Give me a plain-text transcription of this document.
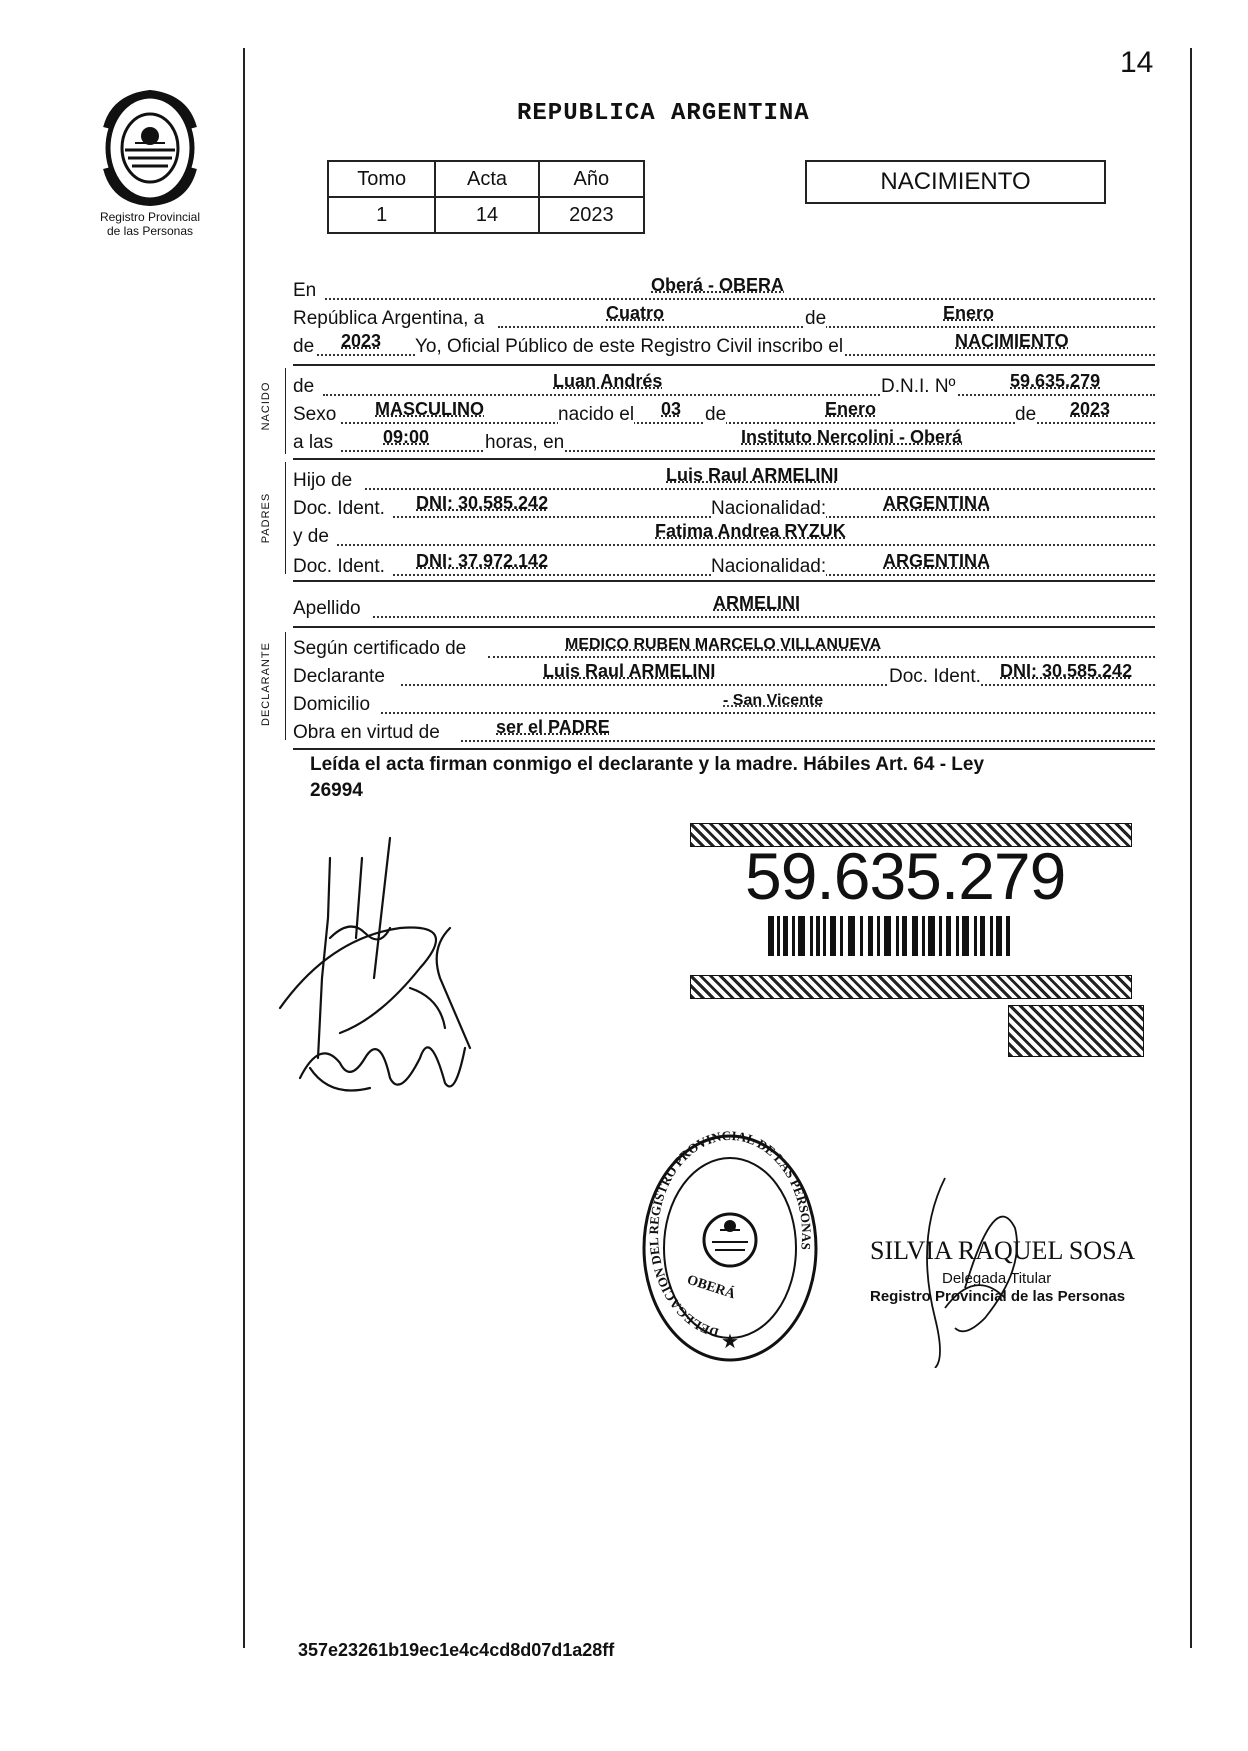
14
Registro Provincial
de las Personas
REPUBLICA ARGENTINA
Tomo	Acta	Año
1	14	2023
NACIMIENTO
En	Oberá - OBERA
República Argentina, a	Cuatro	de	Enero
de 2023 Yo, Oficial Público de este Registro Civil inscribo el	NACIMIENTO
NACIDO de	Luan Andrés	D.N.I. Nº	59.635.279
Sexo MASCULINO	nacido el 03 de	Enero	de 2023
a las	09:00	horas, en	Instituto Nercolini - Oberá
PADRES
Hijo de	Luis Raul ARMELINI
Doc. Ident. DNI: 30.585.242	Nacionalidad:	ARGENTINA
y de	Fatima Andrea RYZUK
Doc. Ident. DNI: 37.972.142	Nacionalidad:	ARGENTINA
Apellido	ARMELINI
DECLARANTE Según certificado de	MEDICO RUBEN MARCELO VILLANUEVA
Declarante	Luis Raul ARMELINI	Doc. Ident. DNI: 30.585.242
Domicilio	- San Vicente
Obra en virtud de	ser el PADRE
Leída el acta firman conmigo el declarante y la madre. Hábiles Art. 64 - Ley
26994
59.635.279
DELEGACION DEL REGISTRO PROVINCIAL DE LAS PERSONAS
★
OBERÁ
SILVIA RAQUEL SOSA
Delegada Titular
Registro Provincial de las Personas
357e23261b19ec1e4c4cd8d07d1a28ff
